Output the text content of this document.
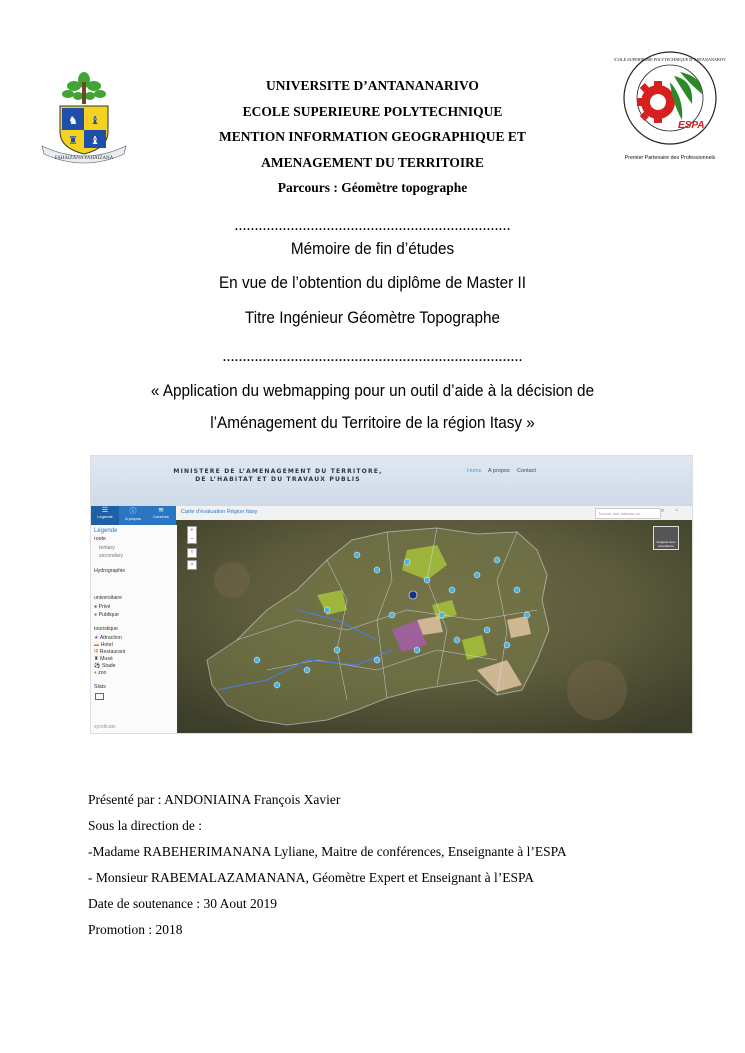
♞ ♝
♜ ♝
FAHAIZANA FAHAIZANA
ESPA
ECOLE SUPERIEURE POLYTECHNIQUE D’ANTANANARIVO
Premier Partenaire des Professionnels
UNIVERSITE D’ANTANANARIVO
ECOLE SUPERIEURE POLYTECHNIQUE
MENTION INFORMATION GEOGRAPHIQUE ET
AMENAGEMENT DU TERRITOIRE
Parcours : Géomètre topographe
……………………………………………………………
Mémoire de fin d’études
En vue de l’obtention du diplôme de Master II
Titre Ingénieur Géomètre Topographe
…………………………………………………………………
« Application du webmapping pour un outil d’aide à la décision de
l’Aménagement du Territoire de la région Itasy »
MINISTERE DE L’AMENAGEMENT DU TERRITORE,
DE L’HABITAT ET DU TRAVAUX PUBLIS
Home A propos Contact
Carte d’évaluation Région Itasy	Trouver une adresse ou	⌕ <
☰
Legende
ⓘ
A propos
≋
Couches
Légende
route
tertiary
secondary
Hydrographie
universitaire
● Privé
● Publique
touristique
★ Attraction
▬ Hotel
Ψ Restaurant
♜ Musé
⚽ Stade
♦ zoo
Stats
syndicats
+
−
○
⌂
Imagerie avec annotations
Présenté par : ANDONIAINA François Xavier
Sous la direction de :
-Madame RABEHERIMANANA Lyliane, Maitre de conférences, Enseignante à l’ESPA
- Monsieur RABEMALAZAMANANA, Géomètre Expert et Enseignant à l’ESPA
Date de soutenance : 30 Aout 2019
Promotion : 2018
